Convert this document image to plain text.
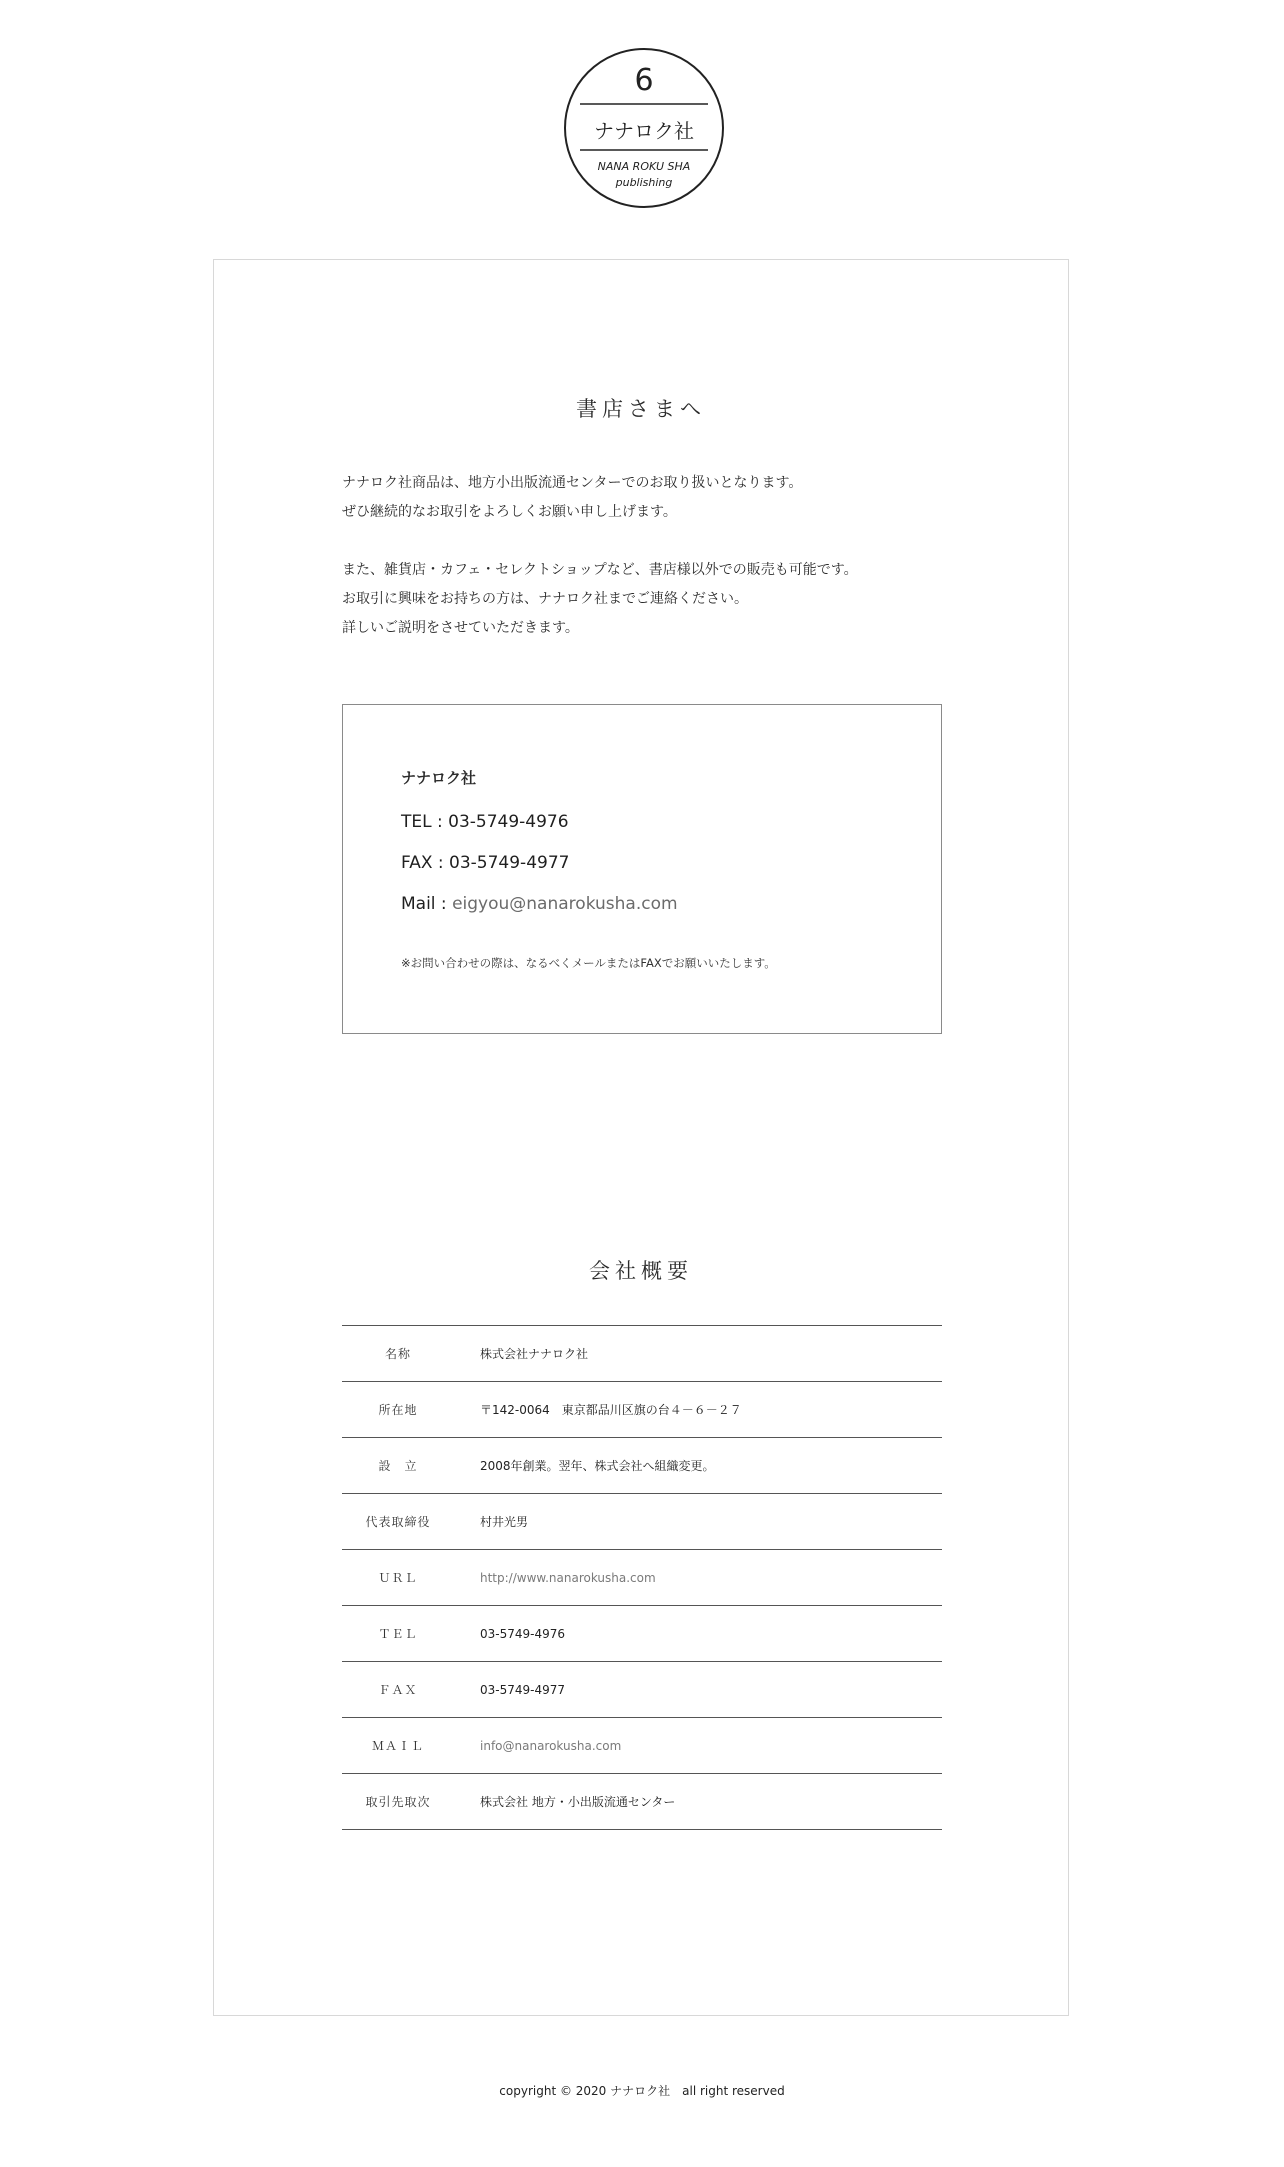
6
ナナロク社
NANA ROKU SHA
publishing
書店さまへ

ナナロク社商品は、地方小出版流通センターでのお取り扱いとなります。

ぜひ継続的なお取引をよろしくお願い申し上げます。

また、雑貨店・カフェ・セレクトショップなど、書店様以外での販売も可能です。

お取引に興味をお持ちの方は、ナナロク社までご連絡ください。

詳しいご説明をさせていただきます。

ナナロク社
TEL : 03-5749-4976
FAX : 03-5749-4977
Mail : eigyou@nanarokusha.com
※お問い合わせの際は、なるべくメールまたはFAXでお願いいたします。
会社概要
名称	株式会社ナナロク社
所在地	〒142-0064　東京都品川区旗の台４－６－２７
設　立	2008年創業。翌年、株式会社へ組織変更。
代表取締役	村井光男
ＵＲＬ	http://www.nanarokusha.com
ＴＥＬ	03-5749-4976
ＦＡＸ	03-5749-4977
ＭＡＩＬ	info@nanarokusha.com
取引先取次	株式会社 地方・小出版流通センター
copyright © 2020 ナナロク社　all right reserved
